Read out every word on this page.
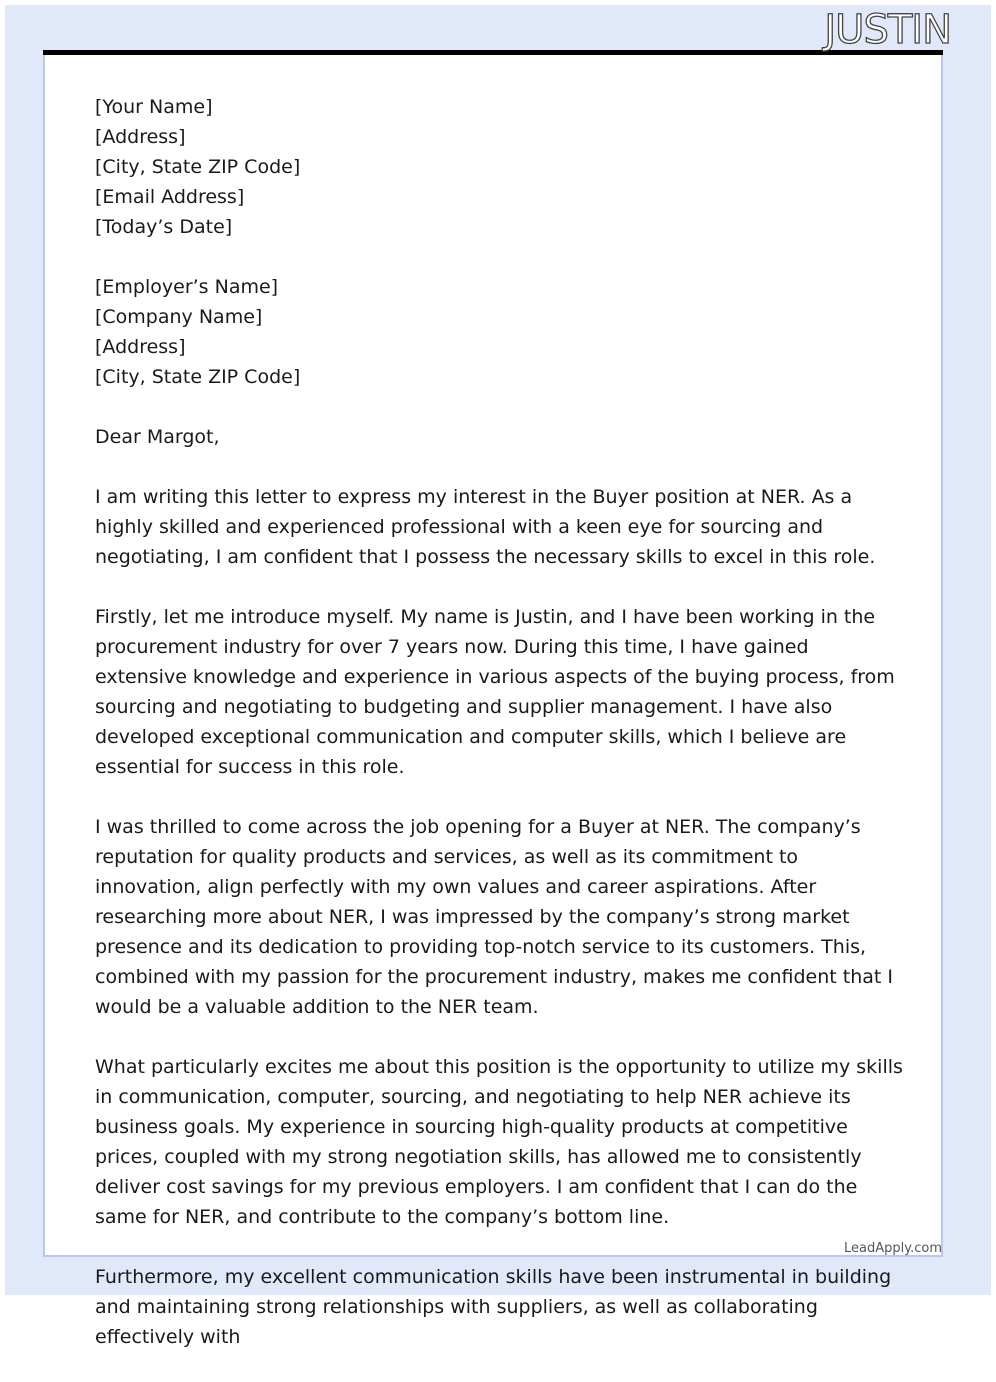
JUSTIN
[Your Name]
[Address]
[City, State ZIP Code]
[Email Address]
[Today’s Date]
[Employer’s Name]
[Company Name]
[Address]
[City, State ZIP Code]
Dear Margot,

I am writing this letter to express my interest in the Buyer position at NER. As a highly skilled and experienced professional with a keen eye for sourcing and negotiating, I am confident that I possess the necessary skills to excel in this role.

Firstly, let me introduce myself. My name is Justin, and I have been working in the procurement industry for over 7 years now. During this time, I have gained extensive knowledge and experience in various aspects of the buying process, from sourcing and negotiating to budgeting and supplier management. I have also developed exceptional communication and computer skills, which I believe are essential for success in this role.

I was thrilled to come across the job opening for a Buyer at NER. The company’s reputation for quality products and services, as well as its commitment to innovation, align perfectly with my own values and career aspirations. After researching more about NER, I was impressed by the company’s strong market presence and its dedication to providing top-notch service to its customers. This, combined with my passion for the procurement industry, makes me confident that I would be a valuable addition to the NER team.

What particularly excites me about this position is the opportunity to utilize my skills in communication, computer, sourcing, and negotiating to help NER achieve its business goals. My experience in sourcing high-quality products at competitive prices, coupled with my strong negotiation skills, has allowed me to consistently deliver cost savings for my previous employers. I am confident that I can do the same for NER, and contribute to the company’s bottom line.

Furthermore, my excellent communication skills have been instrumental in building and maintaining strong relationships with suppliers, as well as collaborating effectively with

LeadApply.com
